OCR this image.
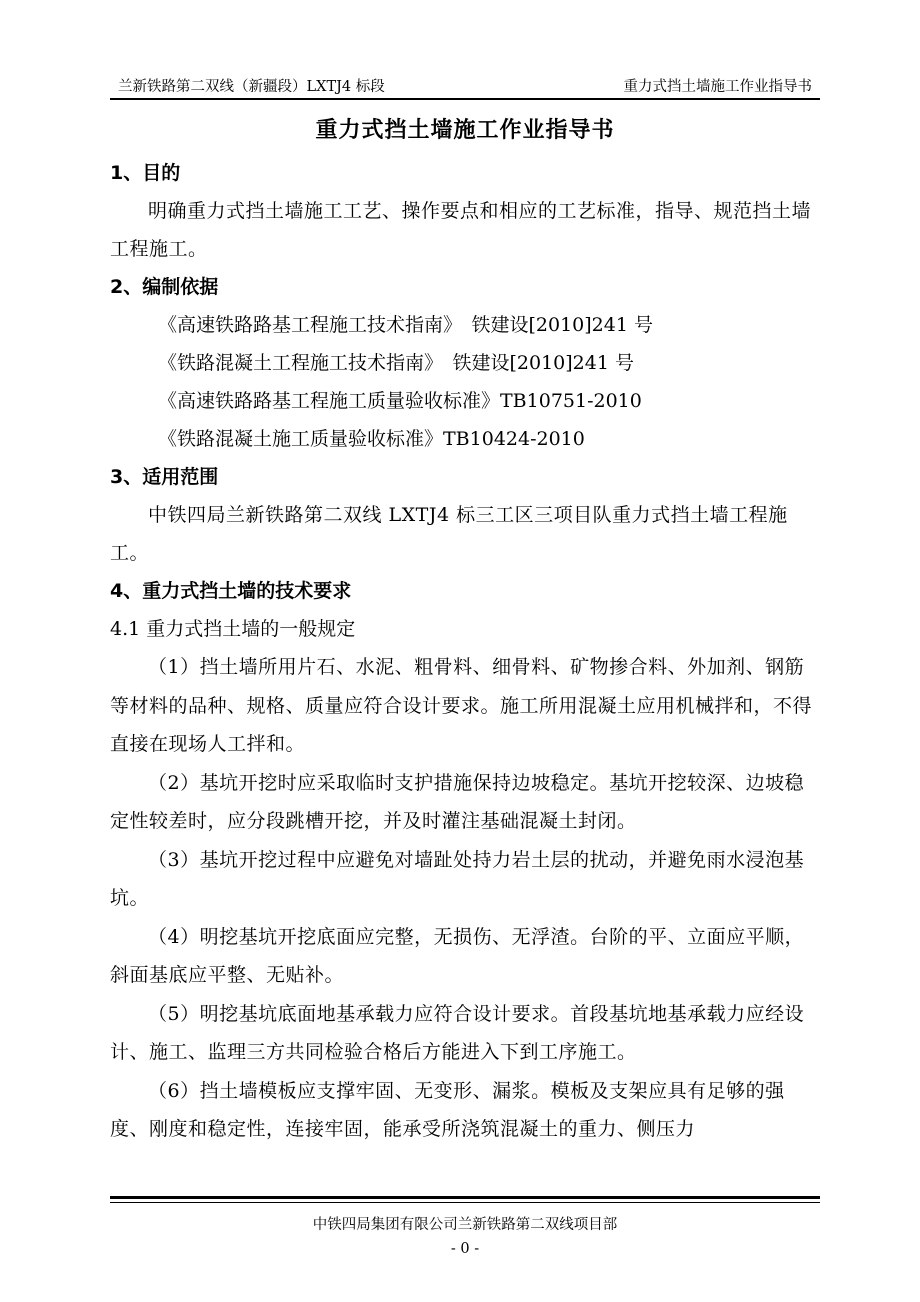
兰新铁路第二双线（新疆段）LXTJ4 标段	重力式挡土墙施工作业指导书
重力式挡土墙施工作业指导书

1、目的

明确重力式挡土墙施工工艺、操作要点和相应的工艺标准，指导、规范挡土墙工程施工。

2、编制依据

《高速铁路路基工程施工技术指南》　铁建设[2010]241 号

《铁路混凝土工程施工技术指南》　铁建设[2010]241 号

《高速铁路路基工程施工质量验收标准》TB10751-2010

《铁路混凝土施工质量验收标准》TB10424-2010

3、适用范围

中铁四局兰新铁路第二双线 LXTJ4 标三工区三项目队重力式挡土墙工程施工。

4、重力式挡土墙的技术要求

4.1 重力式挡土墙的一般规定

（1）挡土墙所用片石、水泥、粗骨料、细骨料、矿物掺合料、外加剂、钢筋等材料的品种、规格、质量应符合设计要求。施工所用混凝土应用机械拌和，不得直接在现场人工拌和。

（2）基坑开挖时应采取临时支护措施保持边坡稳定。基坑开挖较深、边坡稳定性较差时，应分段跳槽开挖，并及时灌注基础混凝土封闭。

（3）基坑开挖过程中应避免对墙趾处持力岩土层的扰动，并避免雨水浸泡基坑。

（4）明挖基坑开挖底面应完整，无损伤、无浮渣。台阶的平、立面应平顺，斜面基底应平整、无贴补。

（5）明挖基坑底面地基承载力应符合设计要求。首段基坑地基承载力应经设计、施工、监理三方共同检验合格后方能进入下到工序施工。

（6）挡土墙模板应支撑牢固、无变形、漏浆。模板及支架应具有足够的强度、刚度和稳定性，连接牢固，能承受所浇筑混凝土的重力、侧压力

中铁四局集团有限公司兰新铁路第二双线项目部
- 0 -
